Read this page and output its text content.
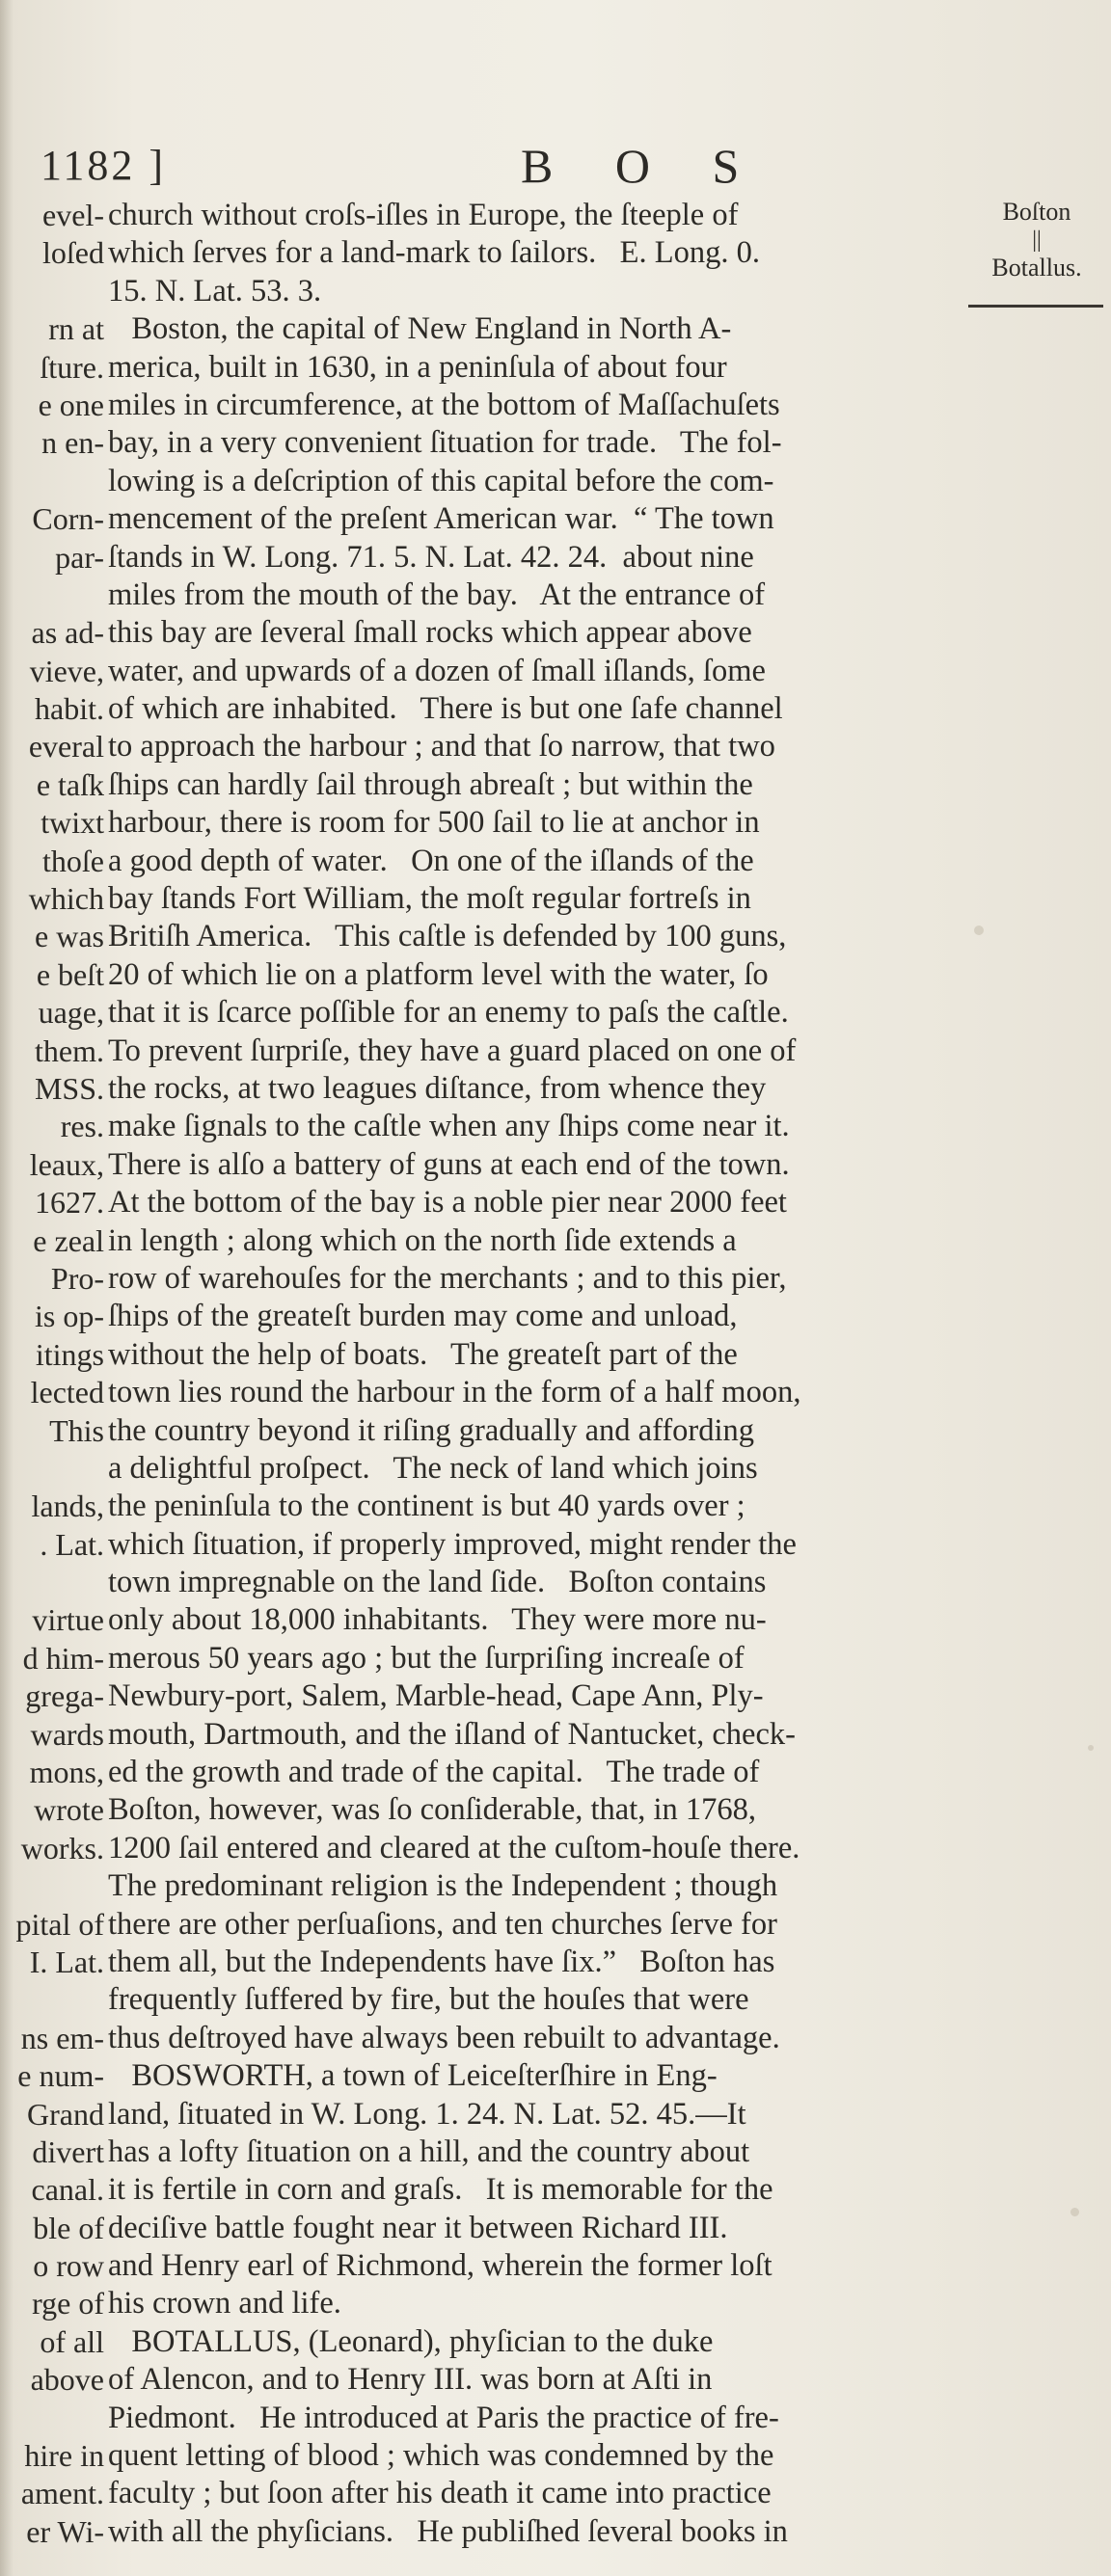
1182 ]	B O S
Boſton
||
Botallus.
evel-
loſed
rn at
ſture.
e one
n en-
Corn-
par-
as ad-
vieve,
habit.
everal
e taſk
twixt
thoſe
which
e was
e beſt
uage,
them.
MSS.
res.
leaux,
1627.
e zeal
Pro-
is op-
itings
lected
This
lands,
. Lat.
virtue
d him-
grega-
wards
mons,
wrote
works.
pital of
I. Lat.
ns em-
e num-
Grand
divert
canal.
ble of
o row
rge of
of all
above
hire in
ament.
er Wi-
church without croſs-iſles in Europe, the ſteeple of
which ſerves for a land-mark to ſailors.   E. Long. 0.
15. N. Lat. 53. 3.
Boston, the capital of New England in North A-
merica, built in 1630, in a peninſula of about four
miles in circumference, at the bottom of Maſſachuſets
bay, in a very convenient ſituation for trade.   The fol-
lowing is a deſcription of this capital before the com-
mencement of the preſent American war.  “ The town
ſtands in W. Long. 71. 5. N. Lat. 42. 24.  about nine
miles from the mouth of the bay.   At the entrance of
this bay are ſeveral ſmall rocks which appear above
water, and upwards of a dozen of ſmall iſlands, ſome
of which are inhabited.   There is but one ſafe channel
to approach the harbour ; and that ſo narrow, that two
ſhips can hardly ſail through abreaſt ; but within the
harbour, there is room for 500 ſail to lie at anchor in
a good depth of water.   On one of the iſlands of the
bay ſtands Fort William, the moſt regular fortreſs in
Britiſh America.   This caſtle is defended by 100 guns,
20 of which lie on a platform level with the water, ſo
that it is ſcarce poſſible for an enemy to paſs the caſtle.
To prevent ſurpriſe, they have a guard placed on one of
the rocks, at two leagues diſtance, from whence they
make ſignals to the caſtle when any ſhips come near it.
There is alſo a battery of guns at each end of the town.
At the bottom of the bay is a noble pier near 2000 feet
in length ; along which on the north ſide extends a
row of warehouſes for the merchants ; and to this pier,
ſhips of the greateſt burden may come and unload,
without the help of boats.   The greateſt part of the
town lies round the harbour in the form of a half moon,
the country beyond it riſing gradually and affording
a delightful proſpect.   The neck of land which joins
the peninſula to the continent is but 40 yards over ;
which ſituation, if properly improved, might render the
town impregnable on the land ſide.   Boſton contains
only about 18,000 inhabitants.   They were more nu-
merous 50 years ago ; but the ſurpriſing increaſe of
Newbury-port, Salem, Marble-head, Cape Ann, Ply-
mouth, Dartmouth, and the iſland of Nantucket, check-
ed the growth and trade of the capital.   The trade of
Boſton, however, was ſo conſiderable, that, in 1768,
1200 ſail entered and cleared at the cuſtom-houſe there.
The predominant religion is the Independent ; though
there are other perſuaſions, and ten churches ſerve for
them all, but the Independents have ſix.”   Boſton has
frequently ſuffered by fire, but the houſes that were
thus deſtroyed have always been rebuilt to advantage.
BOSWORTH, a town of Leiceſterſhire in Eng-
land, ſituated in W. Long. 1. 24. N. Lat. 52. 45.—It
has a lofty ſituation on a hill, and the country about
it is fertile in corn and graſs.   It is memorable for the
deciſive battle fought near it between Richard III.
and Henry earl of Richmond, wherein the former loſt
his crown and life.
BOTALLUS, (Leonard), phyſician to the duke
of Alencon, and to Henry III. was born at Aſti in
Piedmont.   He introduced at Paris the practice of fre-
quent letting of blood ; which was condemned by the
faculty ; but ſoon after his death it came into practice
with all the phyſicians.   He publiſhed ſeveral books in
